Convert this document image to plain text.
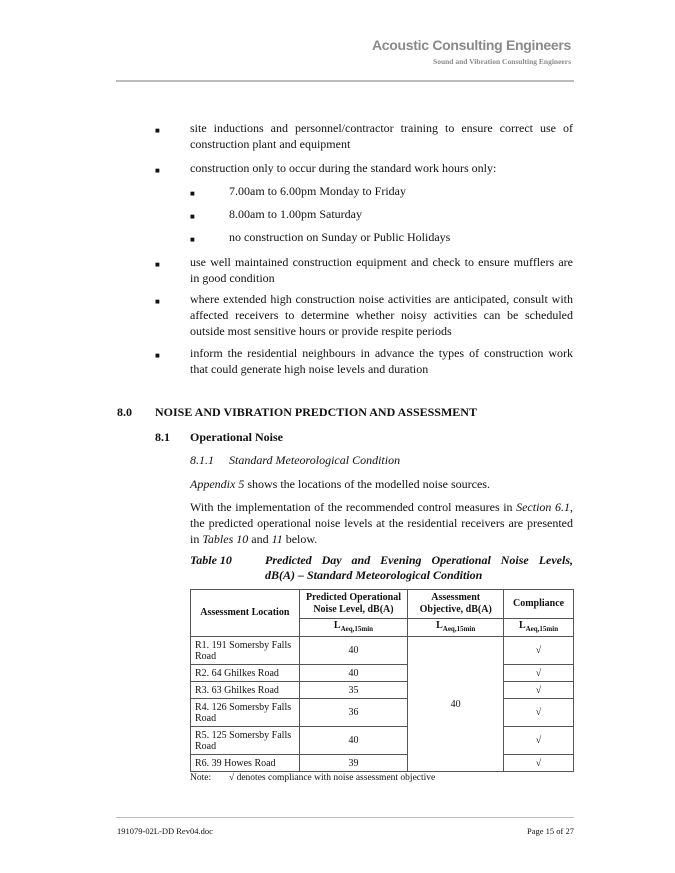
Acoustic Consulting Engineers
Sound and Vibration Consulting Engineers
■	site inductions and personnel/contractor training to ensure correct use of construction plant and equipment
■	construction only to occur during the standard work hours only:
■	7.00am to 6.00pm Monday to Friday
■	8.00am to 1.00pm Saturday
■	no construction on Sunday or Public Holidays
■	use well maintained construction equipment and check to ensure mufflers are in good condition
■	where extended high construction noise activities are anticipated, consult with affected receivers to determine whether noisy activities can be scheduled outside most sensitive hours or provide respite periods
■	inform the residential neighbours in advance the types of construction work that could generate high noise levels and duration
8.0 NOISE AND VIBRATION PREDCTION AND ASSESSMENT
8.1 Operational Noise
8.1.1 Standard Meteorological Condition
Appendix 5 shows the locations of the modelled noise sources.
With the implementation of the recommended control measures in Section 6.1, the predicted operational noise levels at the residential receivers are presented in Tables 10 and 11 below.
Table 10	Predicted Day and Evening Operational Noise Levels,
dB(A) – Standard Meteorological Condition
Assessment Location	Predicted Operational Noise Level, dB(A)	Assessment Objective, dB(A)	Compliance
	$L_{Aeq,15min}$	$L_{Aeq,15min}$	$L_{Aeq,15min}$
R1. 191 Somersby Falls Road	40	40	√
R2. 64 Ghilkes Road	40		√
R3. 63 Ghilkes Road	35		√
R4. 126 Somersby Falls Road	36		√
R5. 125 Somersby Falls Road	40		√
R6. 39 Howes Road	39		√
Note: √ denotes compliance with noise assessment objective
191079-02L-DD Rev04.doc	Page 15 of 27
